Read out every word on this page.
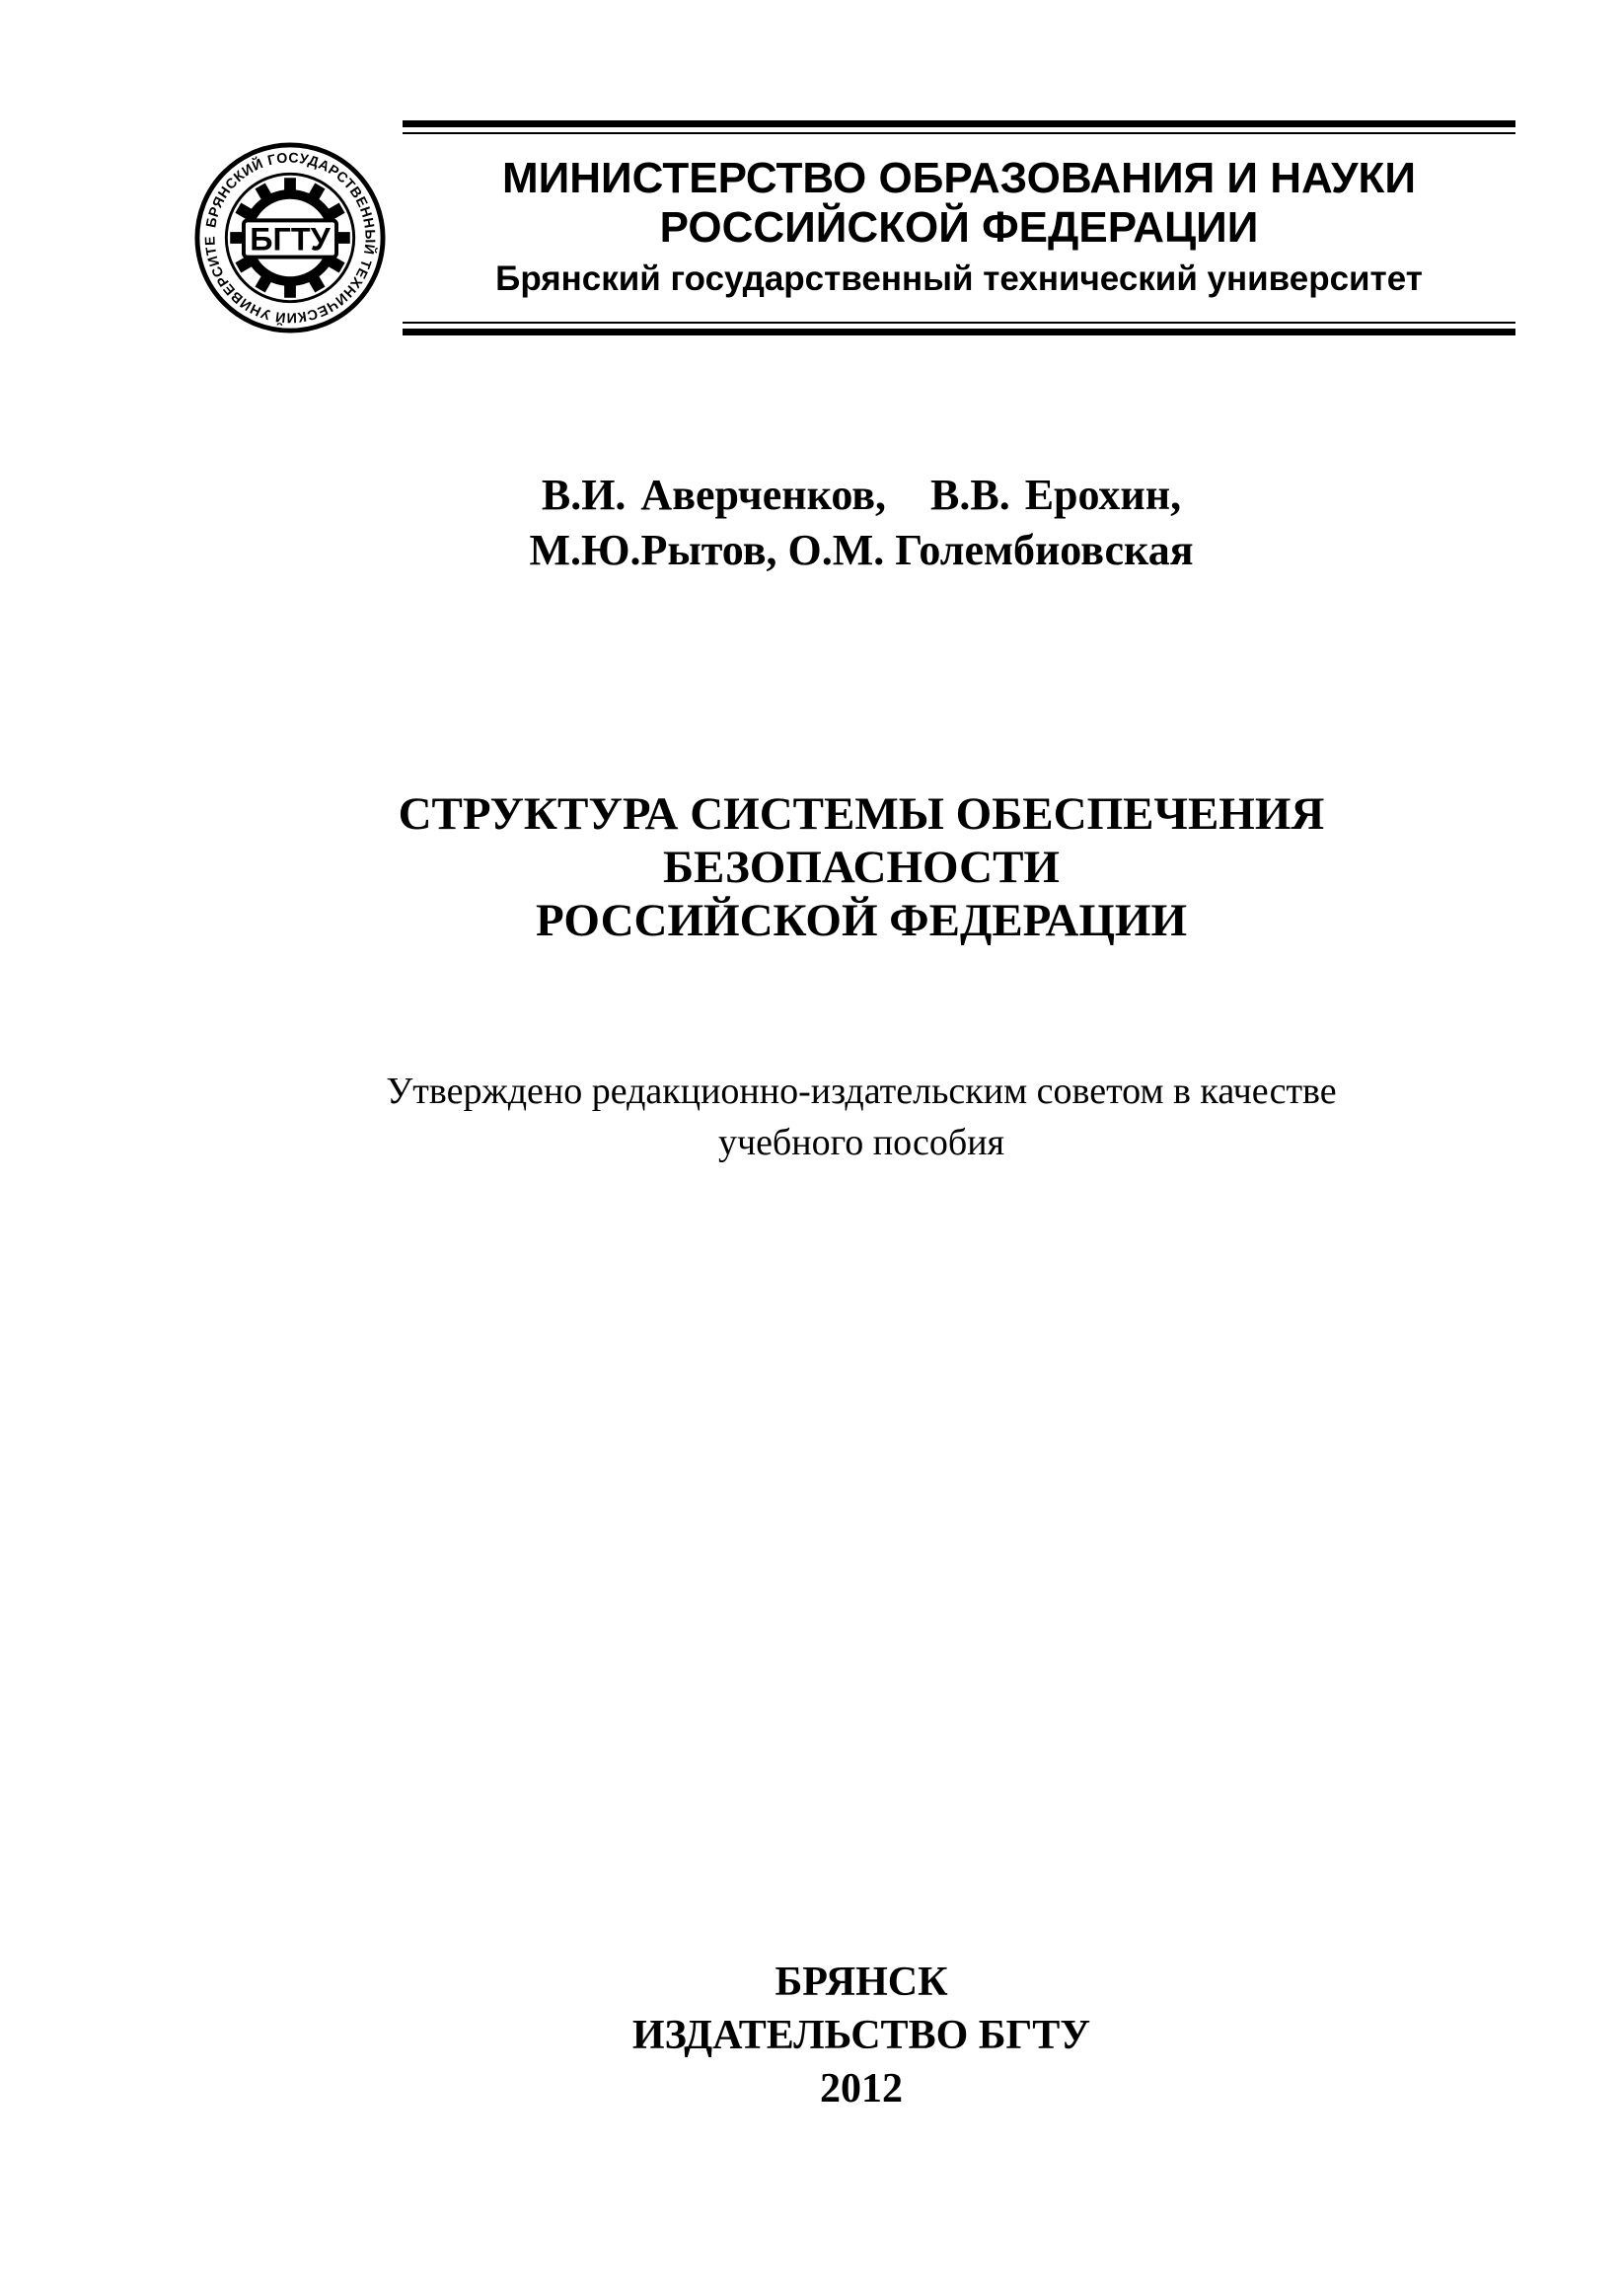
БРЯНСКИЙ ГОСУДАРСТВЕННЫЙ ТЕХНИЧЕСКИЙ УНИВЕРСИТЕ БГТУ
МИНИСТЕРСТВО ОБРАЗОВАНИЯ И НАУКИ
РОССИЙСКОЙ ФЕДЕРАЦИИ
Брянский государственный технический университет
В.И. Аверченков,   В.В. Ерохин,
М.Ю.Рытов, О.М. Голембиовская
СТРУКТУРА СИСТЕМЫ ОБЕСПЕЧЕНИЯ
БЕЗОПАСНОСТИ
РОССИЙСКОЙ ФЕДЕРАЦИИ
Утверждено редакционно-издательским советом в качестве
учебного пособия
БРЯНСК
ИЗДАТЕЛЬСТВО БГТУ
2012
